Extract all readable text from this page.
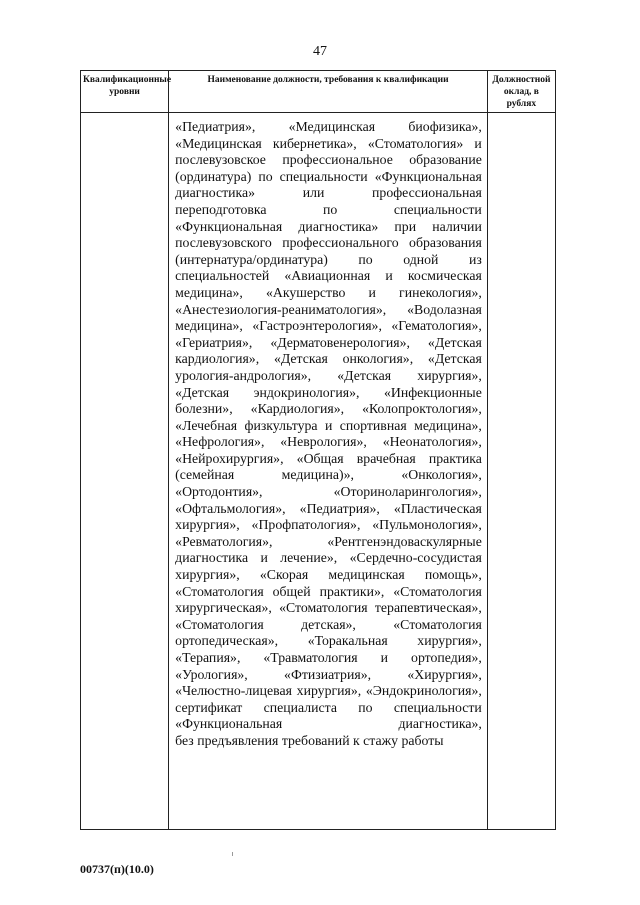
47
Квалификационные уровни	Наименование должности, требования к квалификации	Должностной оклад, в рублях

	«Педиатрия», «Медицинская биофизика», «Медицинская кибернетика», «Стоматология» и послевузовское профессиональное образование (ординатура) по специальности «Функциональная диагностика» или профессиональная переподготовка по специальности «Функциональная диагностика» при наличии послевузовского профессионального образования (интернатура/ординатура) по одной из специальностей «Авиационная и космическая медицина», «Акушерство и гинекология», «Анестезиология-реаниматология», «Водолазная медицина», «Гастроэнтерология», «Гематология», «Гериатрия», «Дерматовенерология», «Детская кардиология», «Детская онкология», «Детская урология-андрология», «Детская хирургия», «Детская эндокринология», «Инфекционные болезни», «Кардиология», «Колопроктология», «Лечебная физкультура и спортивная медицина», «Нефрология», «Неврология», «Неонатология», «Нейрохирургия», «Общая врачебная практика (семейная медицина)», «Онкология», «Ортодонтия», «Оториноларингология», «Офтальмология», «Педиатрия», «Пластическая хирургия», «Профпатология», «Пульмонология», «Ревматология», «Рентгенэндоваскулярные диагностика и лечение», «Сердечно-сосудистая хирургия», «Скорая медицинская помощь», «Стоматология общей практики», «Стоматология хирургическая», «Стоматология терапевтическая», «Стоматология детская», «Стоматология ортопедическая», «Торакальная хирургия», «Терапия», «Травматология и ортопедия», «Урология», «Фтизиатрия», «Хирургия», «Челюстно-лицевая хирургия», «Эндокринология», сертификат специалиста по специальности «Функциональная диагностика»,
без предъявления требований к стажу работы	

00737(п)(10.0)
